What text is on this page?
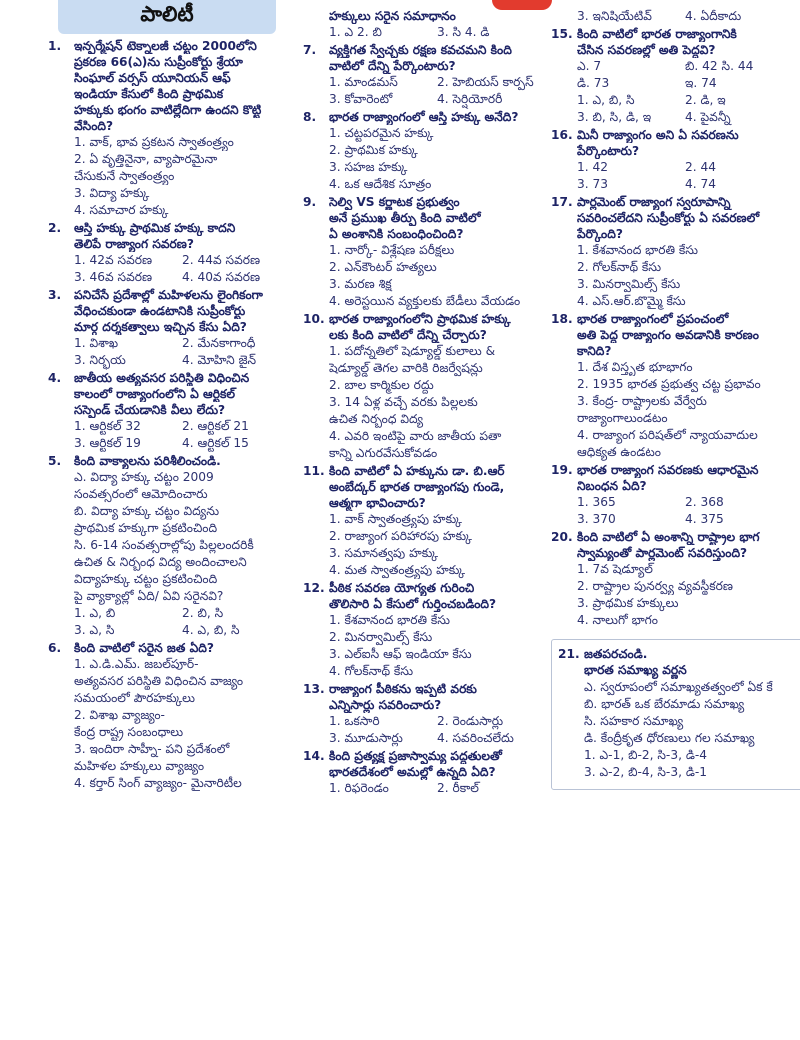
పాలిటీ
1.	ఇన్ఫర్మేషన్ టెక్నాలజీ చట్టం 2000లోని
ప్రకరణ 66(ఎ)ను సుప్రీంకోర్టు శ్రేయా
సింఘాల్ వర్సస్ యూనియన్ ఆఫ్
ఇండియా కేసులో కింది ప్రాథమిక
హక్కుకు భంగం వాటిల్లేదిగా ఉందని కొట్టి
వేసింది?
1. వాక్, భావ ప్రకటన స్వాతంత్ర్యం
2. ఏ వృత్తినైనా, వ్యాపారమైనా
చేసుకునే స్వాతంత్ర్యం
3. విద్యా హక్కు
4. సమాచార హక్కు
2.	ఆస్తి హక్కు ప్రాథమిక హక్కు కాదని
తెలిపే రాజ్యాంగ సవరణ?
1. 42వ సవరణ	2. 44వ సవరణ
3. 46వ సవరణ	4. 40వ సవరణ
3.	పనిచేసే ప్రదేశాల్లో మహిళలను లైంగికంగా
వేధించకుండా ఉండటానికి సుప్రీంకోర్టు
మార్గ దర్శకత్వాలు ఇచ్చిన కేసు ఏది?
1. విశాఖ	2. మేనకాగాంధీ
3. నిర్భయ	4. మోహిని జైన్
4.	జాతీయ అత్యవసర పరిస్థితి విధించిన
కాలంలో రాజ్యాంగంలోని ఏ ఆర్టికల్
సస్పెండ్ చేయడానికి వీలు లేదు?
1. ఆర్టికల్ 32	2. ఆర్టికల్ 21
3. ఆర్టికల్ 19	4. ఆర్టికల్ 15
5.	కింది వాక్యాలను పరిశీలించండి.
ఎ. విద్యా హక్కు చట్టం 2009
సంవత్సరంలో ఆమోదించారు
బి. విద్యా హక్కు చట్టం విద్యను
ప్రాథమిక హక్కుగా ప్రకటించింది
సి. 6-14 సంవత్సరాల్లోపు పిల్లలందరికీ
ఉచిత & నిర్బంధ విద్య అందించాలని
విద్యాహక్కు చట్టం ప్రకటించింది
పై వ్యాక్యాల్లో ఏది/ ఏవి సరైనవి?
1. ఎ, బి	2. బి, సి
3. ఎ, సి	4. ఎ, బి, సి
6.	కింది వాటిలో సరైన జత ఏది?
1. ఎ.డి.ఎమ్. జబల్‌పూర్-
అత్యవసర పరిస్థితి విధించిన వాజ్యం
సమయంలో పౌరహక్కులు
2. విశాఖ వ్యాజ్యం-
కేంద్ర రాష్ట్ర సంబంధాలు
3. ఇందిరా సాహ్నీ- పని ప్రదేశంలో
మహిళల హక్కులు వ్యాజ్యం
4. కర్తార్ సింగ్ వ్యాజ్యం- మైనారిటీల
హక్కులు సరైన సమాధానం
1. ఎ 2. బి	3. సి 4. డి
7.	వ్యక్తిగత స్వేచ్ఛకు రక్షణ కవచమని కింది
వాటిలో దేన్ని పేర్కొంటారు?
1. మాండమస్	2. హెబియస్ కార్పస్
3. కోవారెంటో	4. సెర్షియోరరీ
8.	భారత రాజ్యాంగంలో ఆస్తి హక్కు అనేది?
1. చట్టపరమైన హక్కు
2. ప్రాథమిక హక్కు
3. సహజ హక్కు
4. ఒక ఆదేశిక సూత్రం
9.	సెల్వి VS కర్ణాటక ప్రభుత్వం
అనే ప్రముఖ తీర్పు కింది వాటిలో
ఏ అంశానికి సంబంధించింది?
1. నార్కో- విశ్లేషణ పరీక్షలు
2. ఎన్‌కౌంటర్ హత్యలు
3. మరణ శిక్ష
4. అరెస్టయిన వ్యక్తులకు బేడీలు వేయడం
10. భారత రాజ్యాంగంలోని ప్రాథమిక హక్కు
లకు కింది వాటిలో దేన్ని చేర్చారు?
1. పదోన్నతిలో షెడ్యూల్డ్ కులాలు &
షెడ్యూల్డ్ తెగల వారికి రిజర్వేషన్లు
2. బాల కార్మికుల రద్దు
3. 14 ఏళ్ల వచ్చే వరకు పిల్లలకు
ఉచిత నిర్బంధ విద్య
4. ఎవరి ఇంటిపై వారు జాతీయ పతా
కాన్ని ఎగురవేసుకోవడం
11. కింది వాటిలో ఏ హక్కును డా. బి.ఆర్
అంబేద్కర్ భారత రాజ్యాంగపు గుండె,
ఆత్మగా భావించారు?
1. వాక్ స్వాతంత్ర్యపు హక్కు
2. రాజ్యాంగ పరిహారపు హక్కు
3. సమానత్వపు హక్కు
4. మత స్వాతంత్ర్యపు హక్కు
12. పీఠిక సవరణ యోగ్యత గురించి
తొలిసారి ఏ కేసులో గుర్తించబడింది?
1. కేశవానంద భారతి కేసు
2. మినర్వామిల్స్ కేసు
3. ఎల్ఐసీ ఆఫ్ ఇండియా కేసు
4. గోలక్‌నాథ్ కేసు
13. రాజ్యాంగ పీఠికను ఇప్పటి వరకు
ఎన్నిసార్లు సవరించారు?
1. ఒకసారి	2. రెండుసార్లు
3. మూడుసార్లు	4. సవరించలేదు
14. కింది ప్రత్యక్ష ప్రజాస్వామ్య పద్ధతులతో
భారతదేశంలో అమల్లో ఉన్నది ఏది?
1. రిఫరెండం	2. రీకాల్
3. ఇనిషియేటివ్	4. ఏదీకాదు
15. కింది వాటిలో భారత రాజ్యాంగానికి
చేసిన సవరణల్లో అతి పెద్దవి?
ఎ. 7	బి. 42 సి. 44
డి. 73	ఇ. 74
1. ఎ, బి, సి	2. డి, ఇ
3. బి, సి, డి, ఇ	4. పైవన్నీ
16. మినీ రాజ్యాంగం అని ఏ సవరణను
పేర్కొంటారు?
1. 42	2. 44
3. 73	4. 74
17. పార్లమెంట్ రాజ్యాంగ స్వరూపాన్ని
సవరించలేదని సుప్రీంకోర్టు ఏ సవరణలో
పేర్కొంది?
1. కేశవానంద భారతి కేసు
2. గోలక్‌నాథ్ కేసు
3. మినర్వామిల్స్ కేసు
4. ఎస్.ఆర్.బొమ్మై కేసు
18. భారత రాజ్యాంగంలో ప్రపంచంలో
అతి పెద్ద రాజ్యాంగం అవడానికి కారణం
కానిది?
1. దేశ విస్తృత భూభాగం
2. 1935 భారత ప్రభుత్వ చట్ట ప్రభావం
3. కేంద్ర- రాష్ట్రాలకు వేర్వేరు
రాజ్యాంగాలుండటం
4. రాజ్యాంగ పరిషత్‌లో న్యాయవాదుల
ఆధిక్యత ఉండటం
19. భారత రాజ్యాంగ సవరణకు ఆధారమైన
నిబంధన ఏది?
1. 365	2. 368
3. 370	4. 375
20. కింది వాటిలో ఏ అంశాన్ని రాష్ట్రాల భాగ
స్వామ్యంతో పార్లమెంట్ సవరిస్తుంది?
1. 7వ షెడ్యూల్
2. రాష్ట్రాల పునర్వ్య వ్యవస్థీకరణ
3. ప్రాథమిక హక్కులు
4. నాలుగో భాగం
21. జతపరచండి.
భారత సమాఖ్య వర్ణన
ఎ. స్వరూపంలో సమాఖ్యతత్వంలో ఏక కే
బి. భారత్ ఒక బేరమాడు సమాఖ్య
సి. సహకార సమాఖ్య
డి. కేంద్రీకృత ధోరణులు గల సమాఖ్య
1. ఎ-1, బి-2, సి-3, డి-4
3. ఎ-2, బి-4, సి-3, డి-1
